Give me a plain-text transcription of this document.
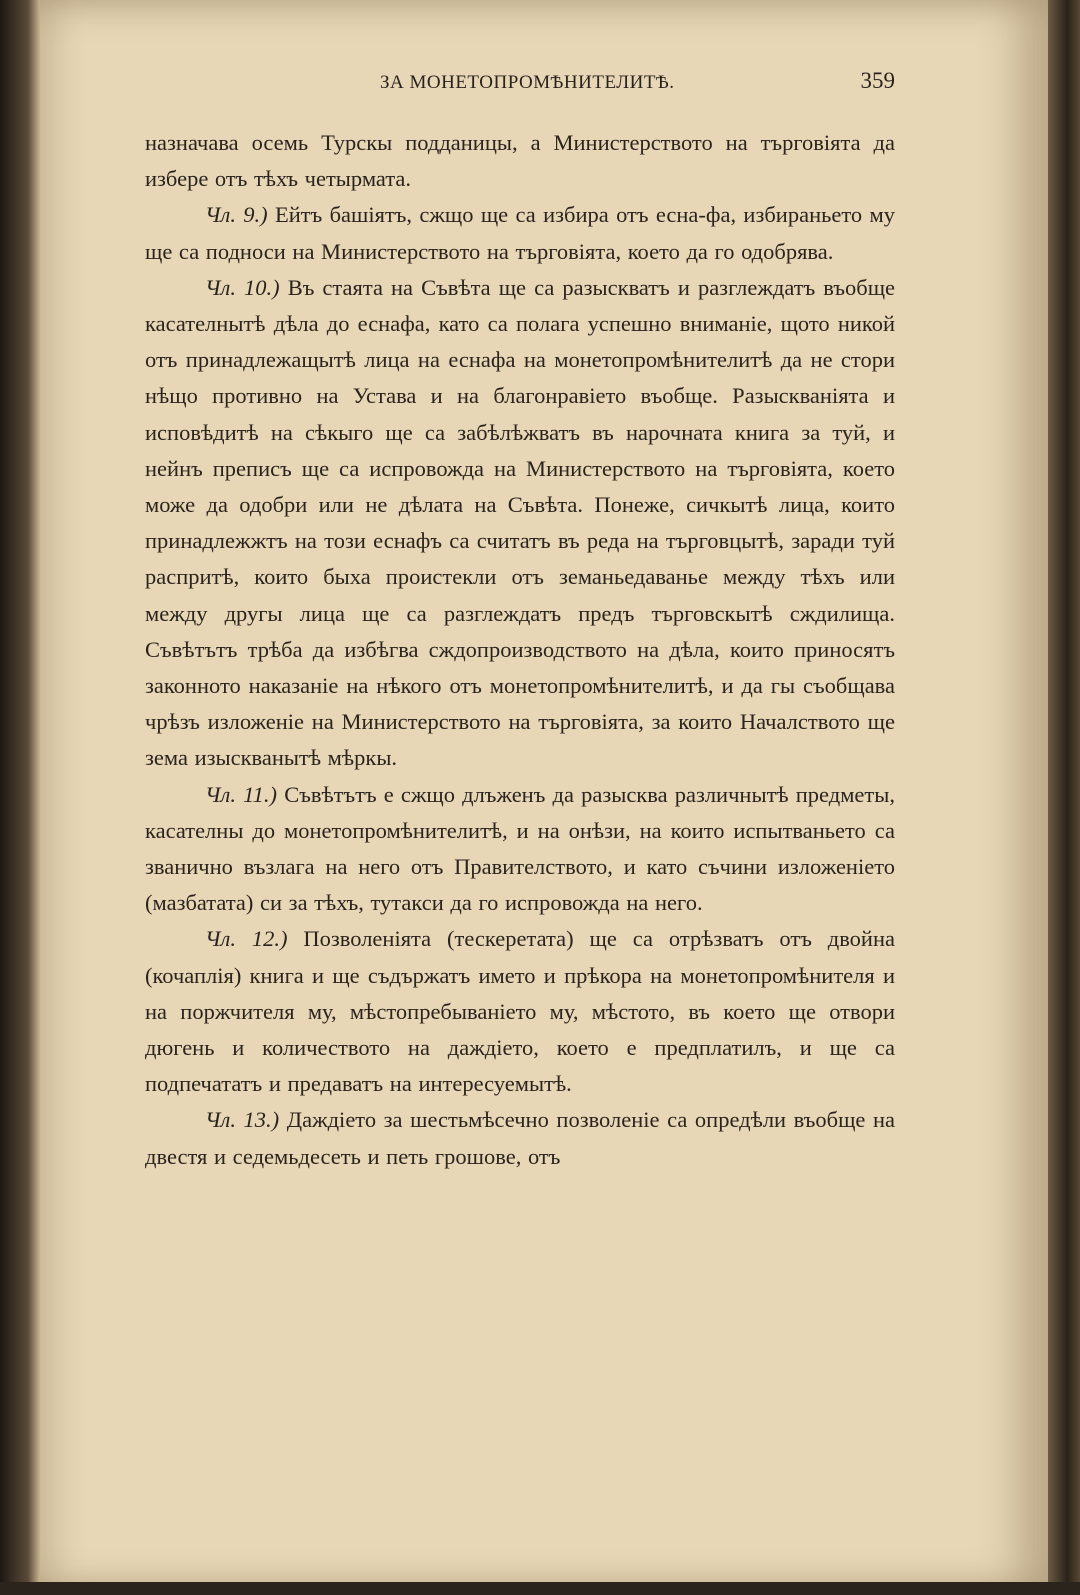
ЗА МОНЕТОПРОМѢНИТЕЛИТѢ.	359

назначава осемь Турскы подданицы, а Министерството на търговіята да избере отъ тѣхъ четырмата.

Чл. 9.) Ейтъ башіятъ, сжщо ще са избира отъ есна-фа, избираньето му ще са подноси на Министерството на търговіята, което да го одобрява.

Чл. 10.) Въ стаята на Съвѣта ще са разыскватъ и разглеждатъ въобще касателнытѣ дѣла до еснафа, като са полага успешно вниманіе, щото никой отъ принадлежащытѣ лица на еснафа на монетопромѣнителитѣ да не стори нѣщо противно на Устава и на благонравіето въобще. Разыскваніята и исповѣдитѣ на сѣкыго ще са забѣлѣжватъ въ нарочната книга за туй, и нейнъ преписъ ще са испровожда на Министерството на търговіята, което може да одобри или не дѣлата на Съвѣта. Понеже, сичкытѣ лица, които принадлежжтъ на този еснафъ са считатъ въ реда на търговцытѣ, заради туй распритѣ, които быха проистекли отъ земаньедаванье между тѣхъ или между другы лица ще са разглеждатъ предъ търговскытѣ сждилища. Съвѣтътъ трѣба да избѣгва сждопроизводството на дѣла, които приносятъ законното наказаніе на нѣкого отъ монетопромѣнителитѣ, и да гы съобщава чрѣзъ изложеніе на Министерството на търговіята, за които Началството ще зема изыскванытѣ мѣркы.

Чл. 11.) Съвѣтътъ е сжщо длъженъ да разысква различнытѣ предметы, касателны до монетопромѣнителитѣ, и на онѣзи, на които испытваньето са званично възлага на него отъ Правителството, и като съчини изложеніето (мазбатата) си за тѣхъ, тутакси да го испровожда на него.

Чл. 12.) Позволеніята (тескеретата) ще са отрѣзватъ отъ двойна (кочаплія) книга и ще съдържатъ името и прѣкора на монетопромѣнителя и на поржчителя му, мѣстопребываніето му, мѣстото, въ което ще отвори дюгень и количеството на даждіето, което е предплатилъ, и ще са подпечататъ и предаватъ на интересуемытѣ.

Чл. 13.) Даждіето за шестьмѣсечно позволеніе са опредѣли въобще на двестя и седемьдесеть и петь грошове, отъ
